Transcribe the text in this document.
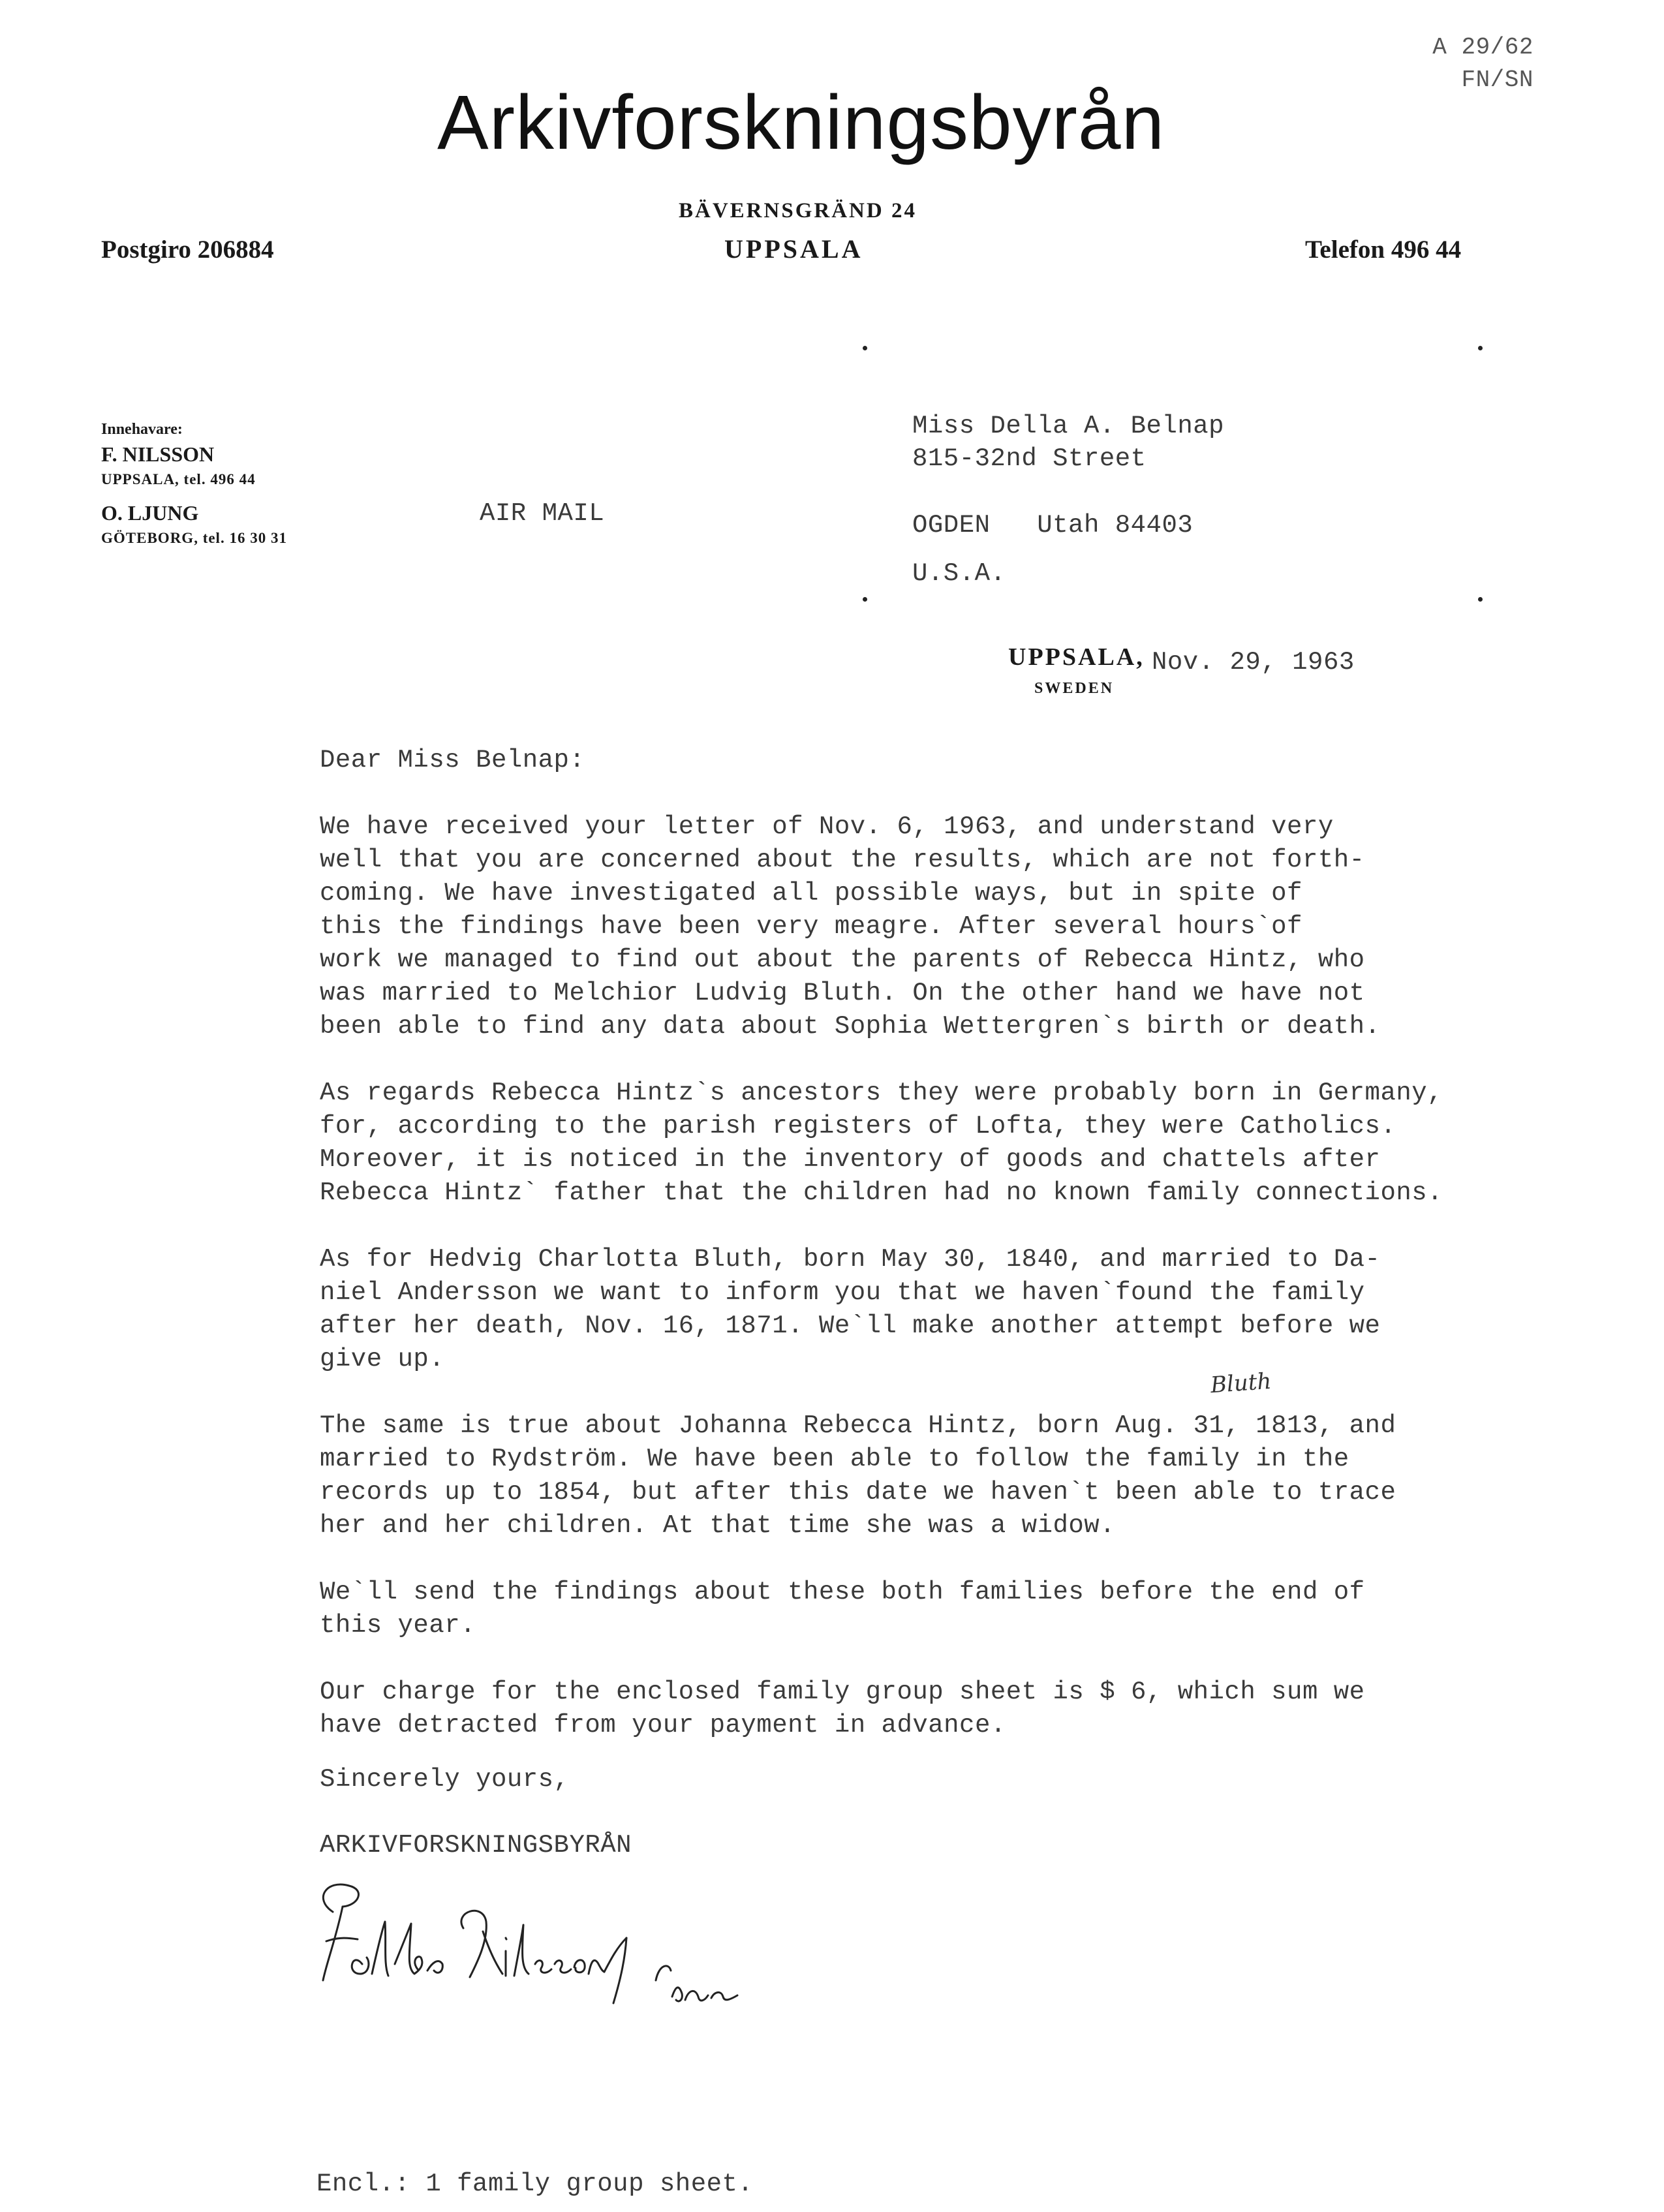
A 29/62
FN/SN
Arkivforskningsbyrån
BÄVERNSGRÄND 24
Postgiro 206884	UPPSALA	Telefon 496 44
Innehavare:
F. NILSSON
UPPSALA, tel. 496 44
O. LJUNG
GÖTEBORG, tel. 16 30 31
AIR MAIL
Miss Della A. Belnap
815-32nd Street
OGDEN   Utah 84403
U.S.A.
UPPSALA, Nov. 29, 1963
SWEDEN

Dear Miss Belnap:

We have received your letter of Nov. 6, 1963, and understand very
well that you are concerned about the results, which are not forth-
coming. We have investigated all possible ways, but in spite of
this the findings have been very meagre. After several hours`of
work we managed to find out about the parents of Rebecca Hintz, who
was married to Melchior Ludvig Bluth. On the other hand we have not
been able to find any data about Sophia Wettergren`s birth or death.

As regards Rebecca Hintz`s ancestors they were probably born in Germany,
for, according to the parish registers of Lofta, they were Catholics.
Moreover, it is noticed in the inventory of goods and chattels after
Rebecca Hintz` father that the children had no known family connections.

As for Hedvig Charlotta Bluth, born May 30, 1840, and married to Da-
niel Andersson we want to inform you that we haven`found the family
after her death, Nov. 16, 1871. We`ll make another attempt before we
give up.

The same is true about Johanna Rebecca Hintz, born Aug. 31, 1813, and
married to Rydström. We have been able to follow the family in the
records up to 1854, but after this date we haven`t been able to trace
her and her children. At that time she was a widow.

We`ll send the findings about these both families before the end of
this year.

Our charge for the enclosed family group sheet is $ 6, which sum we
have detracted from your payment in advance.

Bluth
Sincerely yours,
ARKIVFORSKNINGSBYRÅN
Folke Nilsson
F Nilsson
Encl.: 1 family group sheet.
